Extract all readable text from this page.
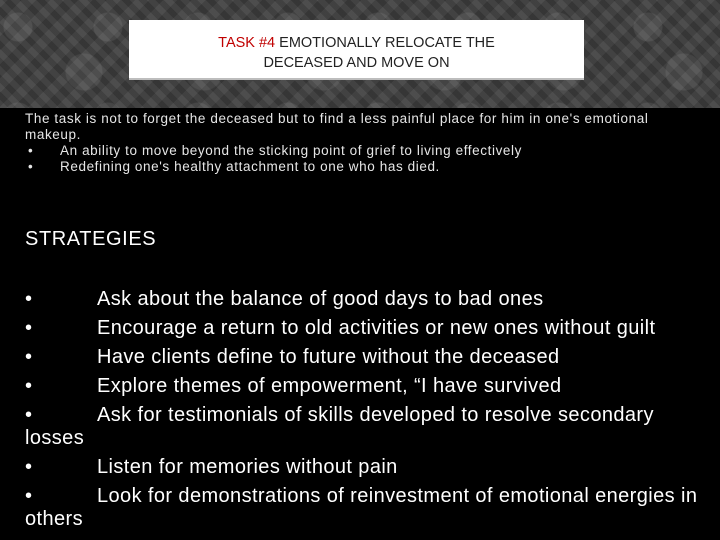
TASK #4 EMOTIONALLY RELOCATE THE
DECEASED AND MOVE ON
The task is not to forget the deceased but to find a less painful place for him in one's emotional makeup.
•	An ability to move beyond the sticking point of grief to living effectively
•	Redefining one's healthy attachment to one who has died.
STRATEGIES
•	Ask about the balance of good days to bad ones
•	Encourage a return to old activities or new ones without guilt
•	Have clients define to future without the deceased
•	Explore themes of empowerment, “I have survived
•	Ask for testimonials of skills developed to resolve secondary   losses
•	Listen for memories without pain
•	Look for demonstrations of reinvestment of emotional energies in others
